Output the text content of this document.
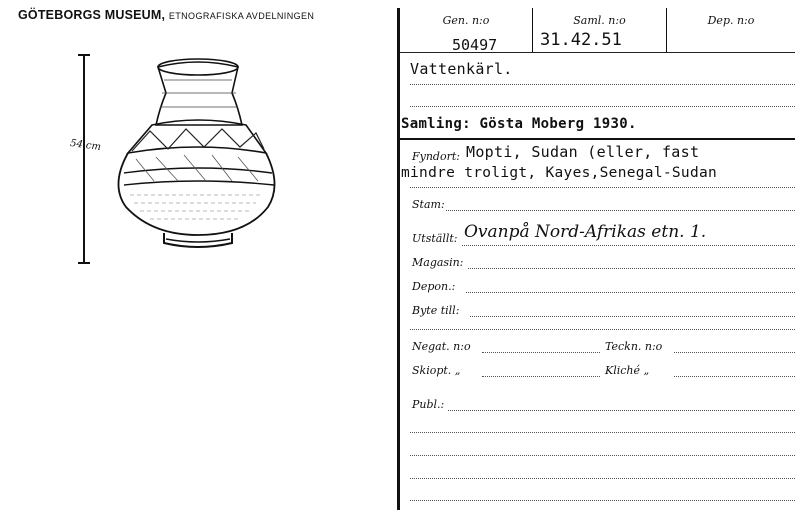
GÖTEBORGS MUSEUM, ETNOGRAFISKA AVDELNINGEN
54 cm
Gen. n:o
50497
Saml. n:o
31.42.51
Dep. n:o
Vattenkärl.
Samling: Gösta Moberg 1930.
Fyndort: Mopti, Sudan (eller, fast
mindre troligt, Kayes,Senegal-Sudan
Stam:
Utställt: Ovanpå Nord-Afrikas etn. 1.
Magasin:
Depon.:
Byte till:
Negat. n:o	Teckn. n:o
Skiopt. „	Kliché „
Publ.:
